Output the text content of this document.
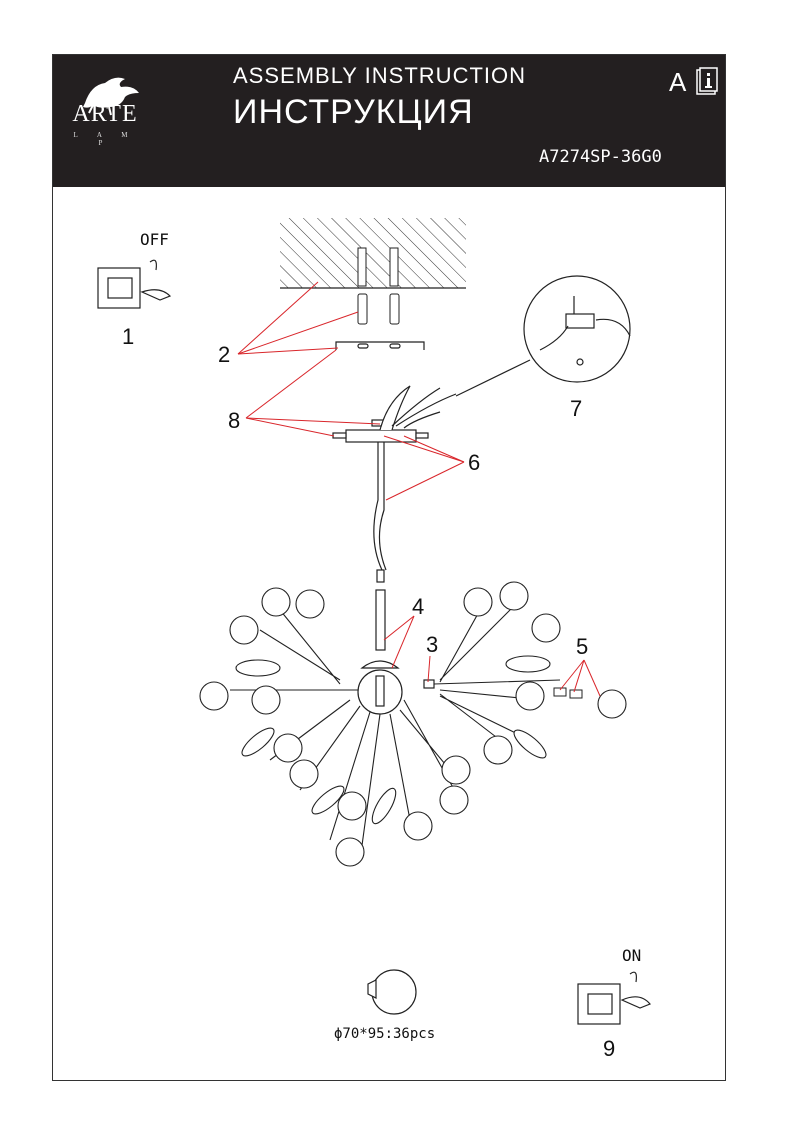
ARTE
L A M P
ASSEMBLY INSTRUCTION
ИНСТРУКЦИЯ
A
A7274SP-36G0
OFF
ON
1
2
3
4
5
6
7
8
9
ϕ70*95:36pcs
